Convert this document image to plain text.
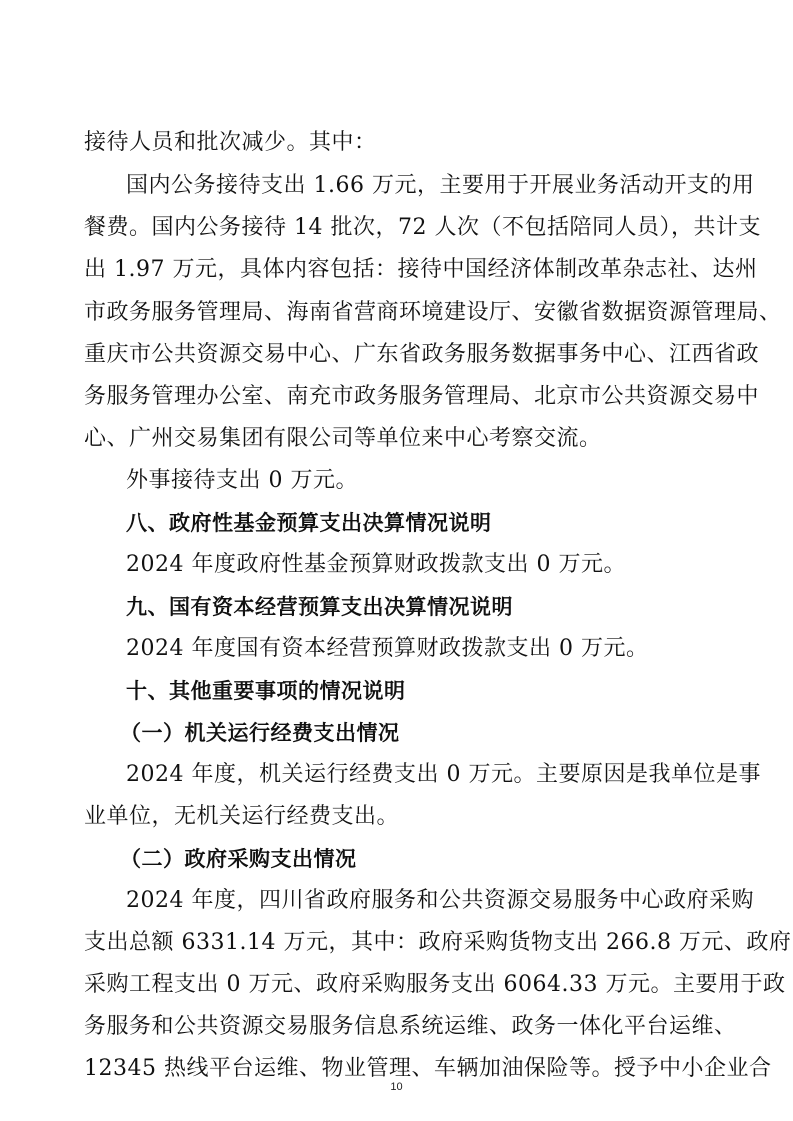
接待人员和批次减少。其中：
国内公务接待支出 1.66 万元，主要用于开展业务活动开支的用
餐费。国内公务接待 14 批次，72 人次（不包括陪同人员），共计支
出 1.97 万元，具体内容包括：接待中国经济体制改革杂志社、达州
市政务服务管理局、海南省营商环境建设厅、安徽省数据资源管理局、
重庆市公共资源交易中心、广东省政务服务数据事务中心、江西省政
务服务管理办公室、南充市政务服务管理局、北京市公共资源交易中
心、广州交易集团有限公司等单位来中心考察交流。
外事接待支出 0 万元。
八、政府性基金预算支出决算情况说明
2024 年度政府性基金预算财政拨款支出 0 万元。
九、国有资本经营预算支出决算情况说明
2024 年度国有资本经营预算财政拨款支出 0 万元。
十、其他重要事项的情况说明
（一）机关运行经费支出情况
2024 年度，机关运行经费支出 0 万元。主要原因是我单位是事
业单位，无机关运行经费支出。
（二）政府采购支出情况
2024 年度，四川省政府服务和公共资源交易服务中心政府采购
支出总额 6331.14 万元，其中：政府采购货物支出 266.8 万元、政府
采购工程支出 0 万元、政府采购服务支出 6064.33 万元。主要用于政
务服务和公共资源交易服务信息系统运维、政务一体化平台运维、
12345 热线平台运维、物业管理、车辆加油保险等。授予中小企业合
10
